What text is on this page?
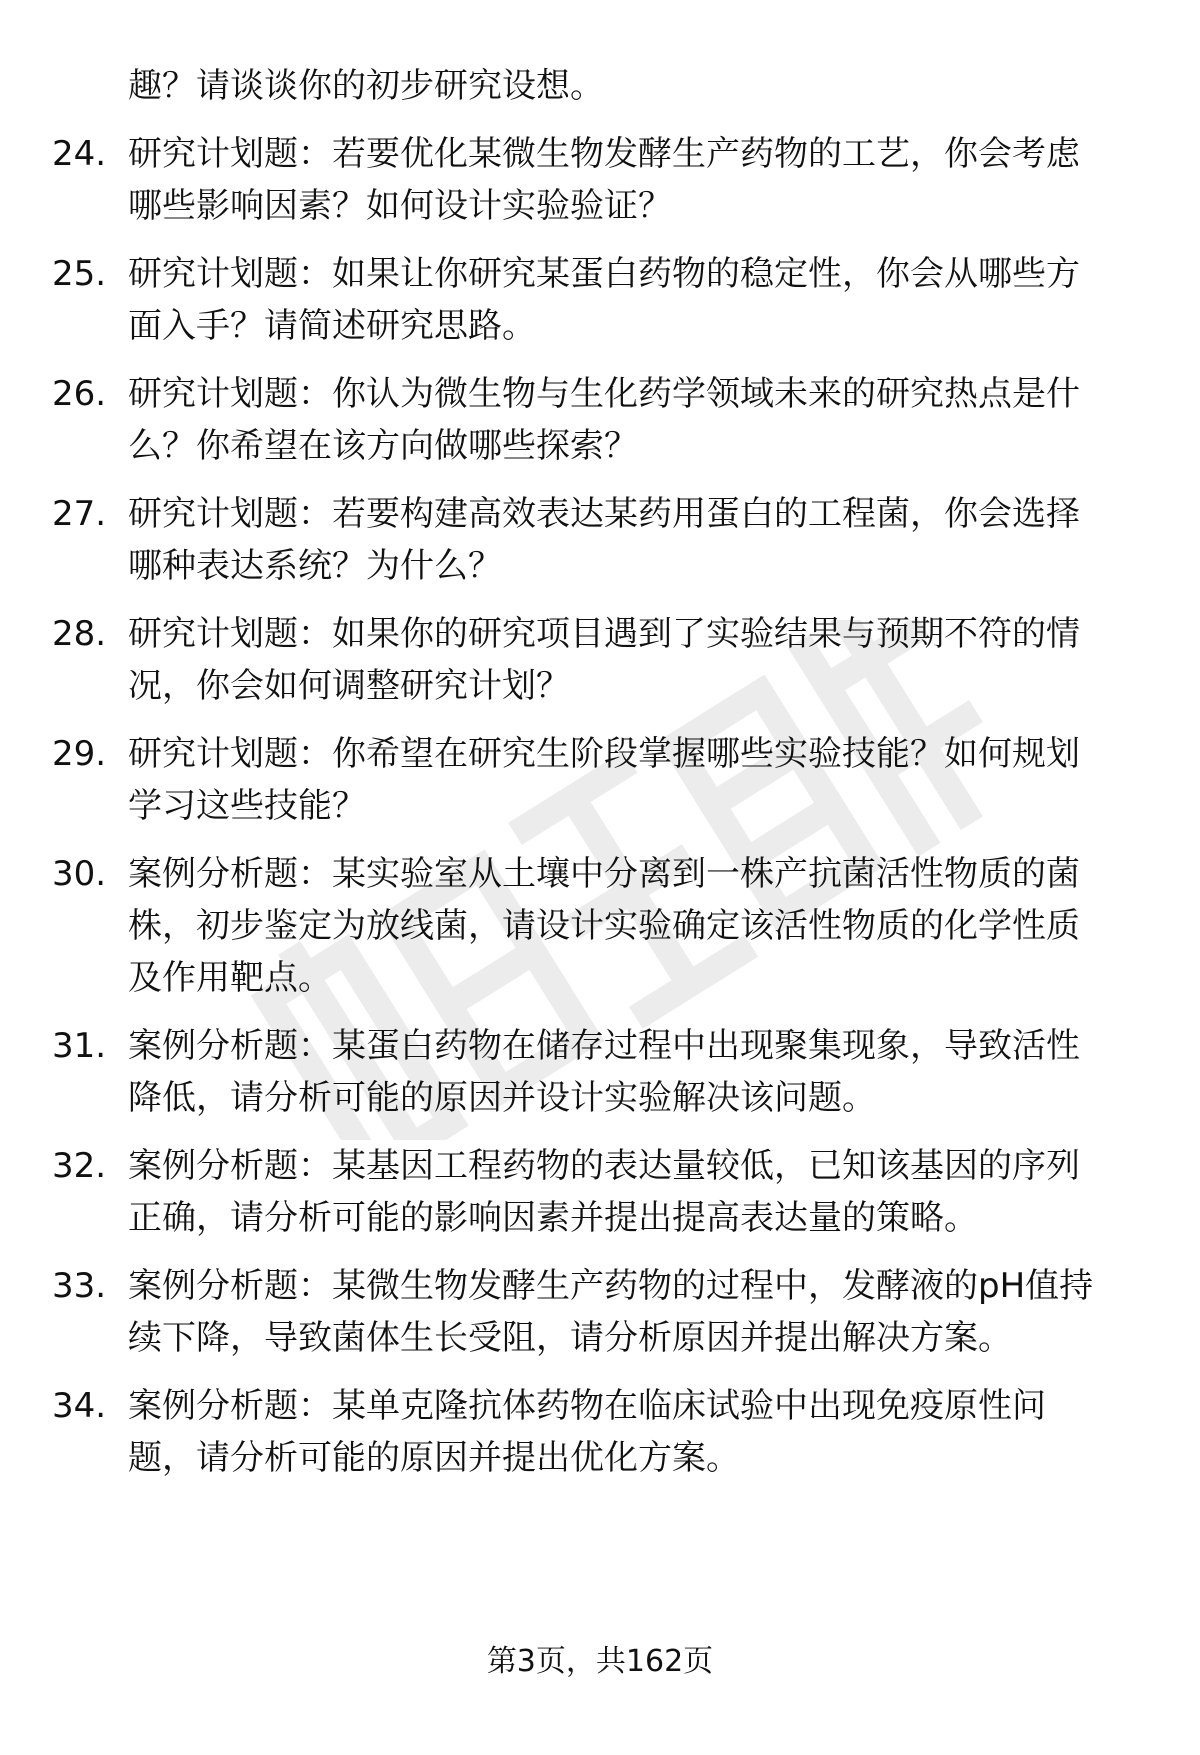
趣？请谈谈你的初步研究设想。
24. 研究计划题：若要优化某微生物发酵生产药物的工艺，你会考虑
哪些影响因素？如何设计实验验证？
25. 研究计划题：如果让你研究某蛋白药物的稳定性，你会从哪些方
面入手？请简述研究思路。
26. 研究计划题：你认为微生物与生化药学领域未来的研究热点是什
么？你希望在该方向做哪些探索？
27. 研究计划题：若要构建高效表达某药用蛋白的工程菌，你会选择
哪种表达系统？为什么？
28. 研究计划题：如果你的研究项目遇到了实验结果与预期不符的情
况，你会如何调整研究计划？
29. 研究计划题：你希望在研究生阶段掌握哪些实验技能？如何规划
学习这些技能？
30. 案例分析题：某实验室从土壤中分离到一株产抗菌活性物质的菌
株，初步鉴定为放线菌，请设计实验确定该活性物质的化学性质
及作用靶点。
31. 案例分析题：某蛋白药物在储存过程中出现聚集现象，导致活性
降低，请分析可能的原因并设计实验解决该问题。
32. 案例分析题：某基因工程药物的表达量较低，已知该基因的序列
正确，请分析可能的影响因素并提出提高表达量的策略。
33. 案例分析题：某微生物发酵生产药物的过程中，发酵液的pH值持
续下降，导致菌体生长受阻，请分析原因并提出解决方案。
34. 案例分析题：某单克隆抗体药物在临床试验中出现免疫原性问
题，请分析可能的原因并提出优化方案。
第3页，共162页
